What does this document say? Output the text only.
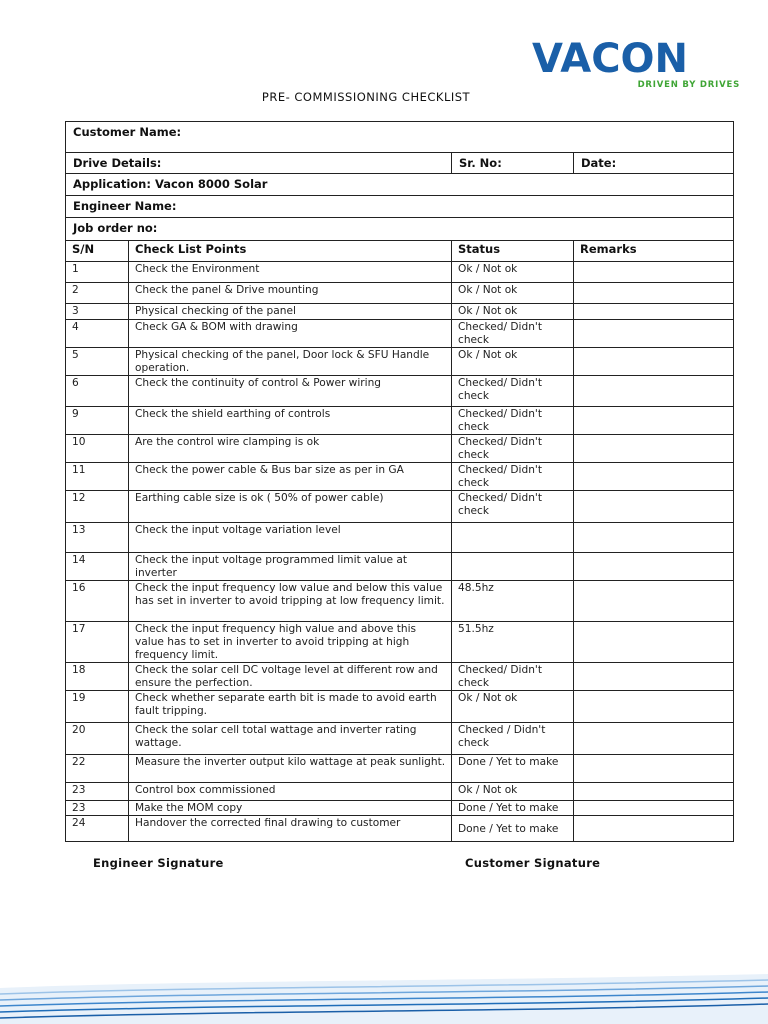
VACON
DRIVEN BY DRIVES
PRE- COMMISSIONING CHECKLIST
Customer Name:			
Drive Details:		Sr. No:	Date:
Application: Vacon 8000 Solar			
Engineer Name:			
Job order no:			
S/N	Check List Points	Status	Remarks
1	Check the Environment	Ok / Not ok	
2	Check the panel & Drive mounting	Ok / Not ok	
3	Physical checking of the panel	Ok / Not ok	
4	Check GA & BOM with drawing	Checked/ Didn't check	
5	Physical checking of the panel, Door lock & SFU Handle operation.	Ok / Not ok	
6	Check the continuity of control & Power wiring	Checked/ Didn't check	
9	Check the shield earthing of controls	Checked/ Didn't check	
10	Are the control wire clamping is ok	Checked/ Didn't check	
11	Check the power cable & Bus bar size as per in GA	Checked/ Didn't check	
12	Earthing cable size is ok ( 50% of power cable)	Checked/ Didn't check	
13	Check the input voltage variation level		
14	Check the input voltage programmed limit value at inverter		
16	Check the input frequency low value and below this value has set in inverter to avoid tripping at low frequency limit.	48.5hz	
17	Check the input frequency high value and above this value has to set in inverter to avoid tripping at high frequency limit.	51.5hz	
18	Check the solar cell DC voltage level at different row and ensure the perfection.	Checked/ Didn't check	
19	Check whether separate earth bit is made to avoid earth fault tripping.	Ok / Not ok	
20	Check the solar cell total wattage and inverter rating wattage.	Checked / Didn't check	
22	Measure the inverter output kilo wattage at peak sunlight.	Done / Yet to make	
23	Control box commissioned	Ok / Not ok	
23	Make the MOM copy	Done / Yet to make	
24	Handover the corrected final drawing to customer	Done / Yet to make	
Engineer Signature	Customer Signature
